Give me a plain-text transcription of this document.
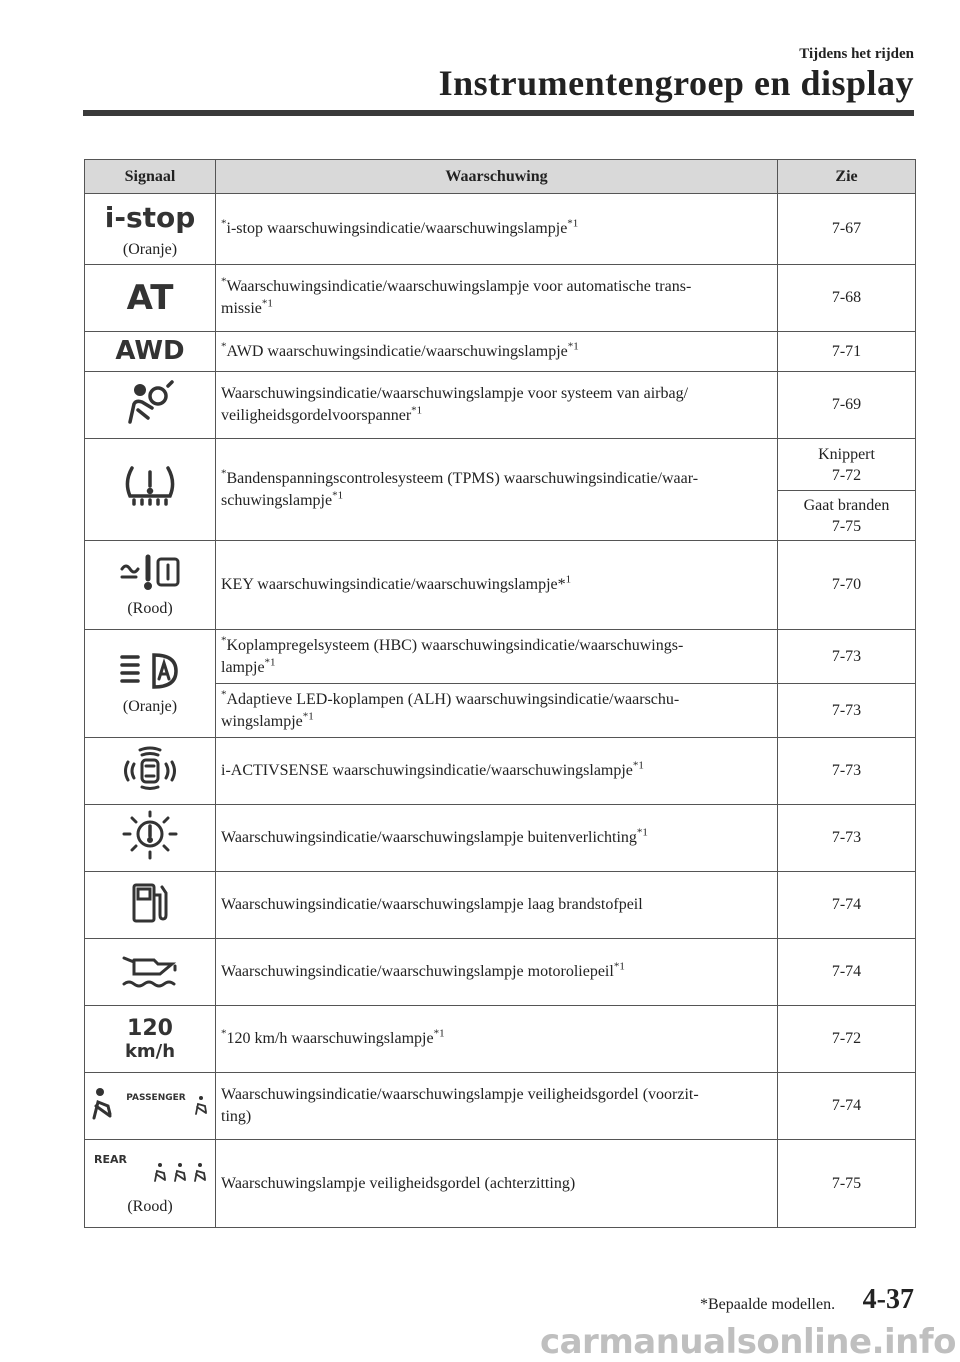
Tijdens het rijden
Instrumentengroep en display
Signaal	Waarschuwing	Zie

i-stop
(Oranje)	*i-stop waarschuwingsindicatie/waarschuwingslampje$^{*1}$	7-67

AT	*Waarschuwingsindicatie/waarschuwingslampje voor automatische trans-
missie$^{*1}$	7-68

AWD	*AWD waarschuwingsindicatie/waarschuwingslampje$^{*1}$	7-71

	Waarschuwingsindicatie/waarschuwingslampje voor systeem van airbag/
veiligheidsgordelvoorspanner$^{*1}$	7-69

	*Bandenspanningscontrolesysteem (TPMS) waarschuwingsindicatie/waar-
schuwingslampje$^{*1}$	Knippert
7-72
		Gaat branden
7-75

(Rood)	KEY waarschuwingsindicatie/waarschuwingslampje*$^1$	7-70

(Oranje)	*Koplampregelsysteem (HBC) waarschuwingsindicatie/waarschuwings-
lampje$^{*1}$	7-73
	*Adaptieve LED-koplampen (ALH) waarschuwingsindicatie/waarschu-
wingslampje$^{*1}$	7-73

	i-ACTIVSENSE waarschuwingsindicatie/waarschuwingslampje$^{*1}$	7-73

	Waarschuwingsindicatie/waarschuwingslampje buitenverlichting$^{*1}$	7-73

	Waarschuwingsindicatie/waarschuwingslampje laag brandstofpeil	7-74

	Waarschuwingsindicatie/waarschuwingslampje motoroliepeil$^{*1}$	7-74

120
km/h	*120 km/h waarschuwingslampje$^{*1}$	7-72

PASSENGER	Waarschuwingsindicatie/waarschuwingslampje veiligheidsgordel (voorzit-
ting)	7-74

REAR
(Rood)	Waarschuwingslampje veiligheidsgordel (achterzitting)	7-75
*Bepaalde modellen. 4-37
carmanualsonline.info
